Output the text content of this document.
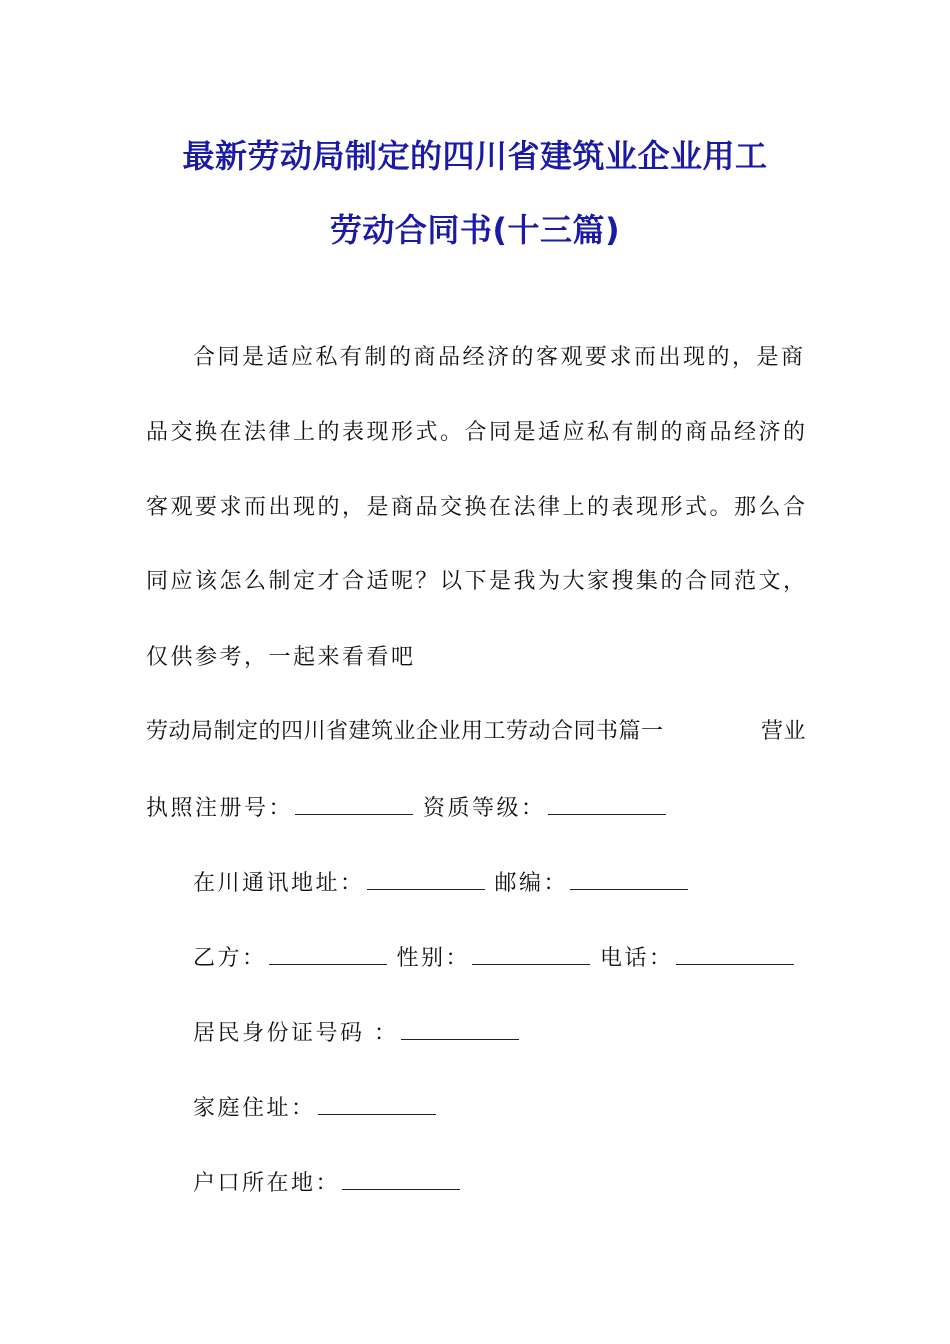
最新劳动局制定的四川省建筑业企业用工
劳动合同书(十三篇)
合同是适应私有制的商品经济的客观要求而出现的，是商
品交换在法律上的表现形式。合同是适应私有制的商品经济的
客观要求而出现的，是商品交换在法律上的表现形式。那么合
同应该怎么制定才合适呢？以下是我为大家搜集的合同范文，
仅供参考，一起来看看吧
劳动局制定的四川省建筑业企业用工劳动合同书篇一	营业
执照注册号：	资质等级：
在川通讯地址：	邮编：
乙方：	性别：	电话：
居民身份证号码 ：
家庭住址：
户口所在地：
